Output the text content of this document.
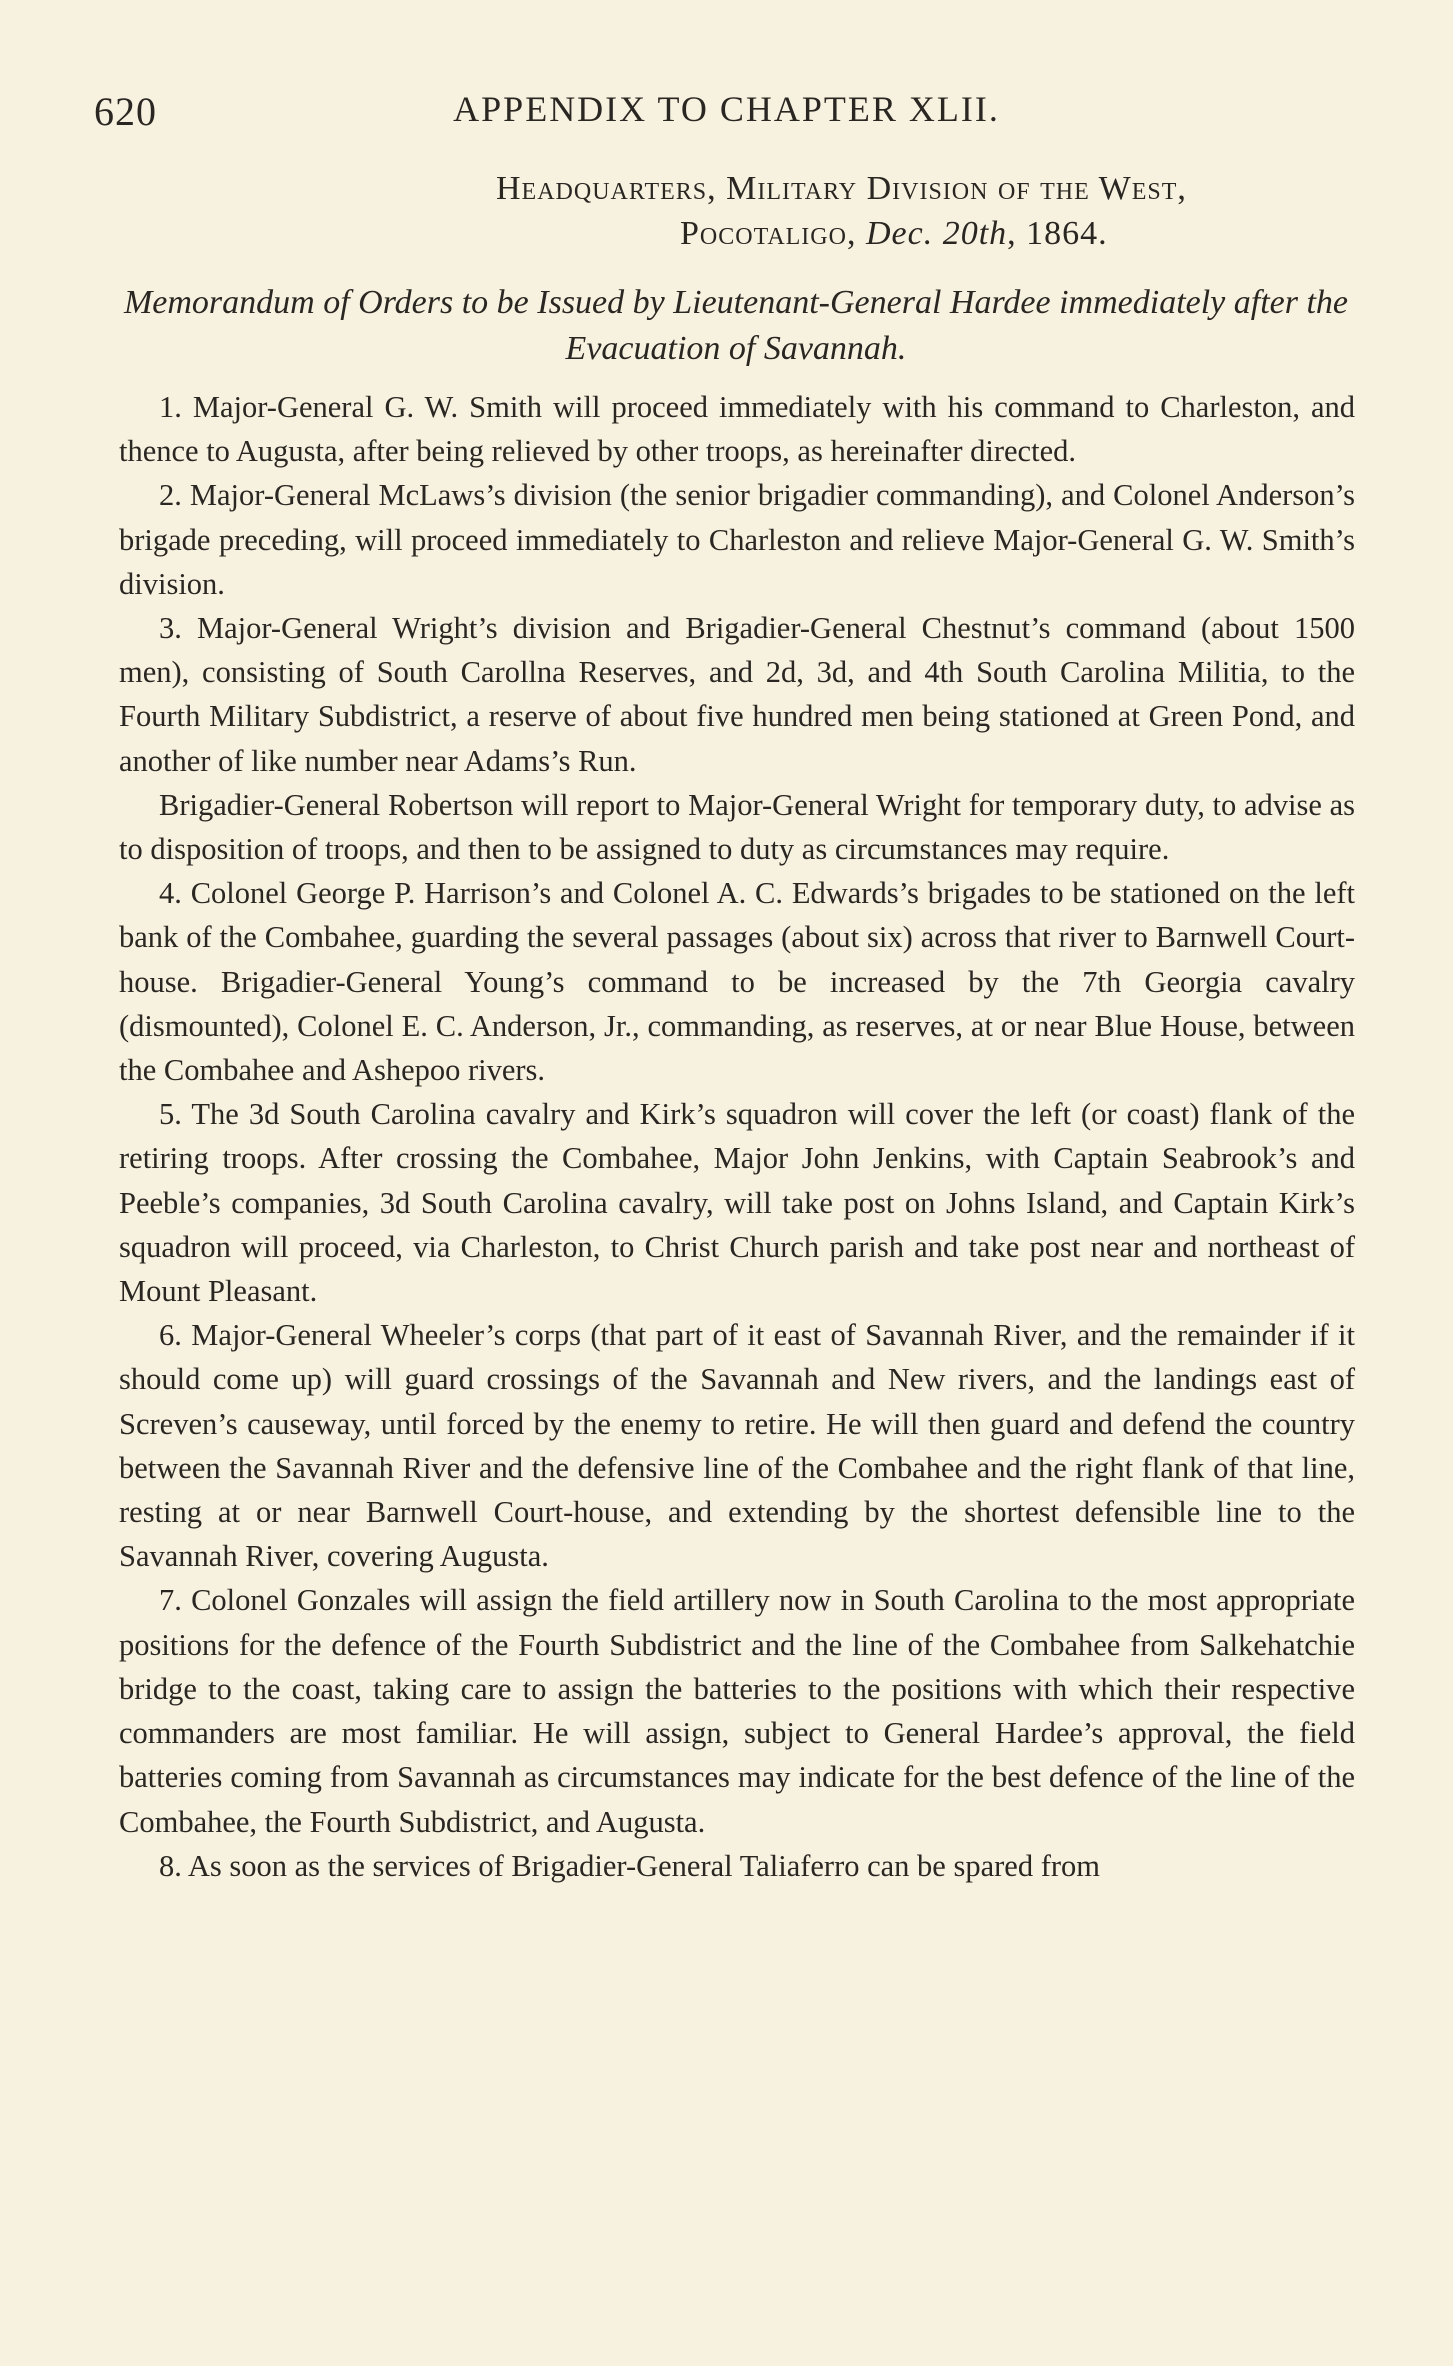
620	APPENDIX TO CHAPTER XLII.
Headquarters, Military Division of the West,
Pocotaligo, Dec. 20th, 1864.
Memorandum of Orders to be Issued by Lieutenant-General Hardee immediately after the Evacuation of Savannah.

1. Major-General G. W. Smith will proceed immediately with his command to Charleston, and thence to Augusta, after being relieved by other troops, as hereinafter directed.

2. Major-General McLaws’s division (the senior brigadier commanding), and Colonel Anderson’s brigade preceding, will proceed immediately to Charleston and relieve Major-General G. W. Smith’s division.

3. Major-General Wright’s division and Brigadier-General Chestnut’s command (about 1500 men), consisting of South Carollna Reserves, and 2d, 3d, and 4th South Carolina Militia, to the Fourth Military Subdistrict, a reserve of about five hundred men being stationed at Green Pond, and another of like number near Adams’s Run.

Brigadier-General Robertson will report to Major-General Wright for temporary duty, to advise as to disposition of troops, and then to be assigned to duty as circumstances may require.

4. Colonel George P. Harrison’s and Colonel A. C. Edwards’s brigades to be stationed on the left bank of the Combahee, guarding the several passages (about six) across that river to Barnwell Court-house. Brigadier-General Young’s command to be increased by the 7th Georgia cavalry (dismounted), Colonel E. C. Anderson, Jr., commanding, as reserves, at or near Blue House, between the Combahee and Ashepoo rivers.

5. The 3d South Carolina cavalry and Kirk’s squadron will cover the left (or coast) flank of the retiring troops. After crossing the Combahee, Major John Jenkins, with Captain Seabrook’s and Peeble’s companies, 3d South Carolina cavalry, will take post on Johns Island, and Captain Kirk’s squadron will proceed, via Charleston, to Christ Church parish and take post near and northeast of Mount Pleasant.

6. Major-General Wheeler’s corps (that part of it east of Savannah River, and the remainder if it should come up) will guard crossings of the Savannah and New rivers, and the landings east of Screven’s causeway, until forced by the enemy to retire. He will then guard and defend the country between the Savannah River and the defensive line of the Combahee and the right flank of that line, resting at or near Barnwell Court-house, and extending by the shortest defensible line to the Savannah River, covering Augusta.

7. Colonel Gonzales will assign the field artillery now in South Carolina to the most appropriate positions for the defence of the Fourth Subdistrict and the line of the Combahee from Salkehatchie bridge to the coast, taking care to assign the batteries to the positions with which their respective commanders are most familiar. He will assign, subject to General Hardee’s approval, the field batteries coming from Savannah as circumstances may indicate for the best defence of the line of the Combahee, the Fourth Subdistrict, and Augusta.

8. As soon as the services of Brigadier-General Taliaferro can be spared from
